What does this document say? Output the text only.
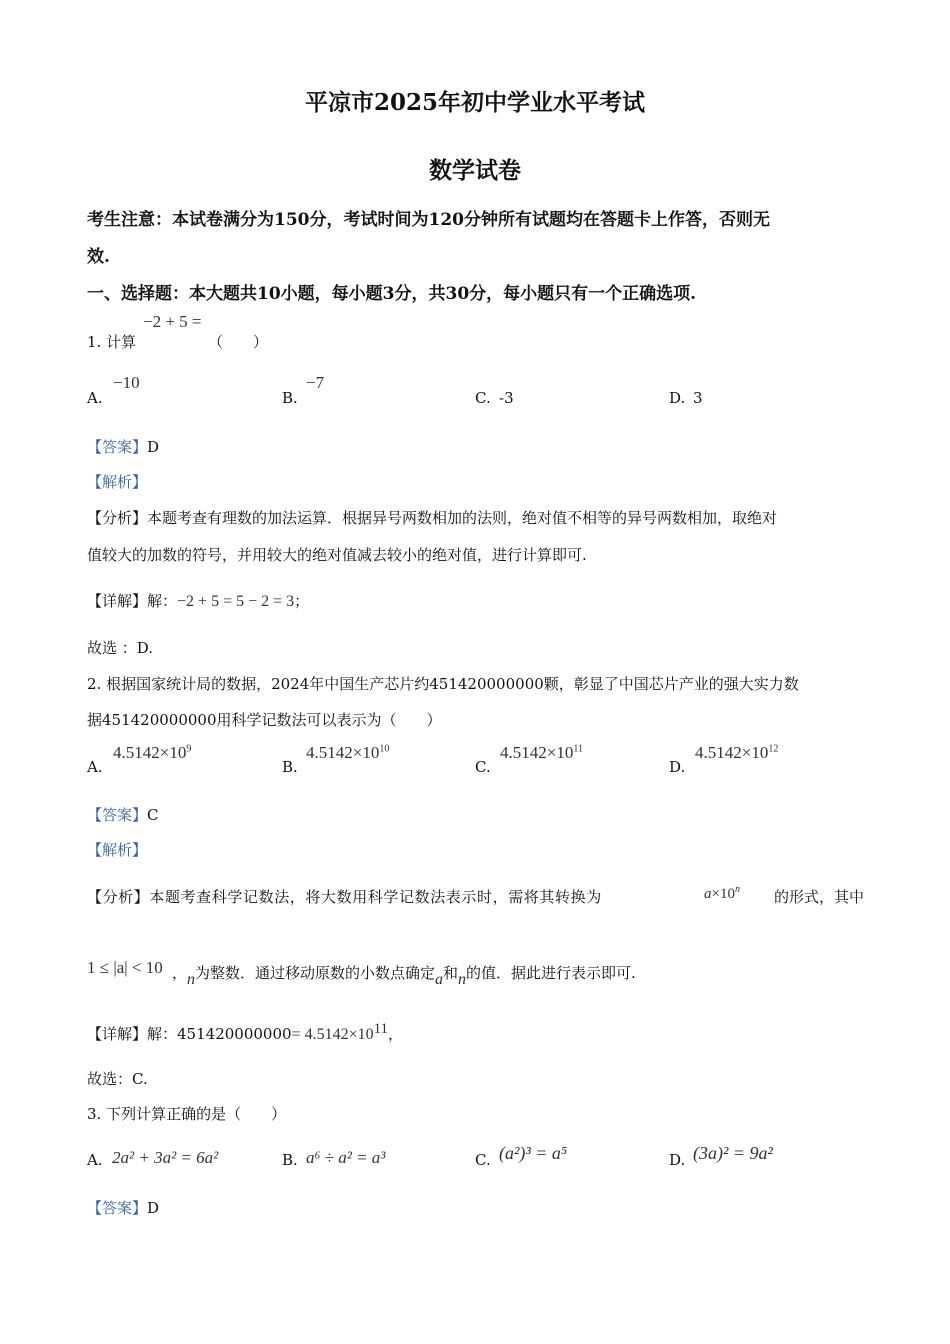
平凉市2025年初中学业水平考试
数学试卷
考生注意：本试卷满分为150分，考试时间为120分钟所有试题均在答题卡上作答，否则无
效.
一、选择题：本大题共10小题，每小题3分，共30分，每小题只有一个正确选项.
1. 计算
−2 + 5 =
（　　）
A.
−10
B.
−7
C. -3	D. 3
【答案】D
【解析】
【分析】本题考查有理数的加法运算．根据异号两数相加的法则，绝对值不相等的异号两数相加，取绝对
值较大的加数的符号，并用较大的绝对值减去较小的绝对值，进行计算即可.
【详解】解：−2 + 5 = 5 − 2 = 3；
故选 ：D.
2. 根据国家统计局的数据，2024年中国生产芯片约451420000000颗，彰显了中国芯片产业的强大实力数
据451420000000用科学记数法可以表示为（　　）
A.
$4.5142\times 10^9$
B.
$4.5142\times 10^{10}$
C.
$4.5142\times 10^{11}$
D.
$4.5142\times 10^{12}$
【答案】C
【解析】
【分析】本题考查科学记数法，将大数用科学记数法表示时，需将其转换为	$a\times 10^n$ 的形式，其中
1 ≤ |a| < 10 ，n为整数．通过移动原数的小数点确定a和n的值．据此进行表示即可.
【详解】解：$451420000000= 4.5142\times 10^{11}$，
故选：C.
3. 下列计算正确的是（　　）
A. 2a² + 3a² = 6a²	B. a⁶ ÷ a² = a³	C. (a²)³ = a⁵	D. (3a)² = 9a²
【答案】D
